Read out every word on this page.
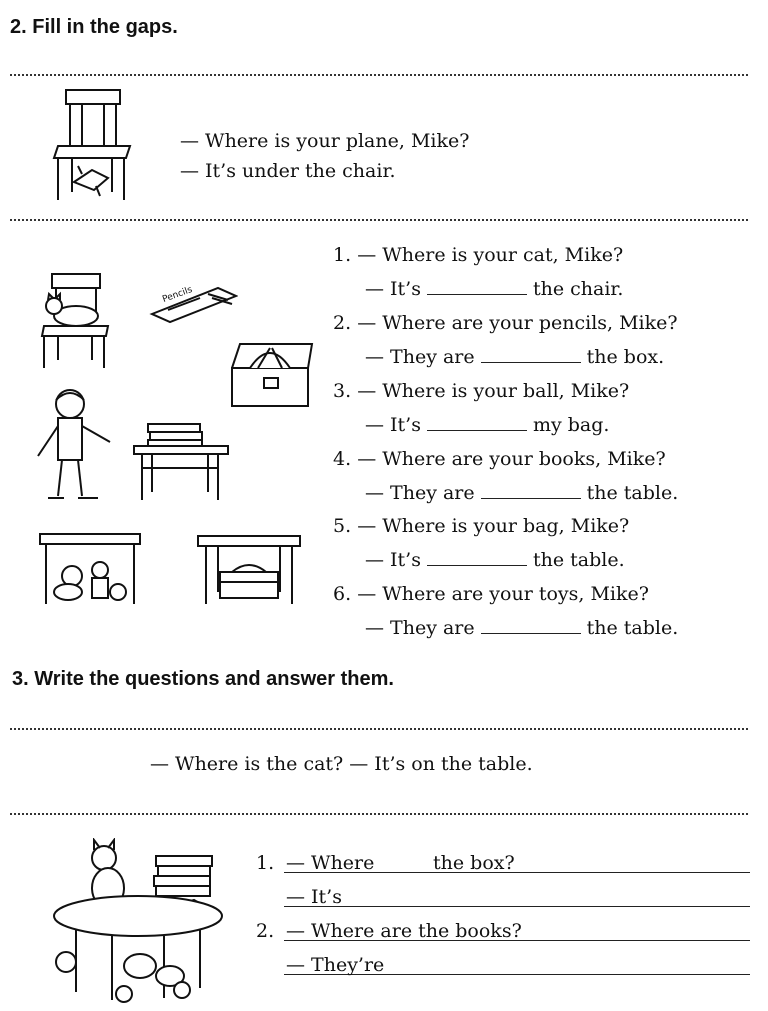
2. Fill in the gaps.
— Where is your plane, Mike?
— It’s under the chair.
Pencils
1. — Where is your cat, Mike?
— It’s	the chair.
2. — Where are your pencils, Mike?
— They are	the box.
3. — Where is your ball, Mike?
— It’s	my bag.
4. — Where are your books, Mike?
— They are	the table.
5. — Where is your bag, Mike?
— It’s	the table.
6. — Where are your toys, Mike?
— They are	the table.
3. Write the questions and answer them.
— Where is the cat? — It’s on the table.
1. — Where	the box?
— It’s
2. — Where are the books?
— They’re
